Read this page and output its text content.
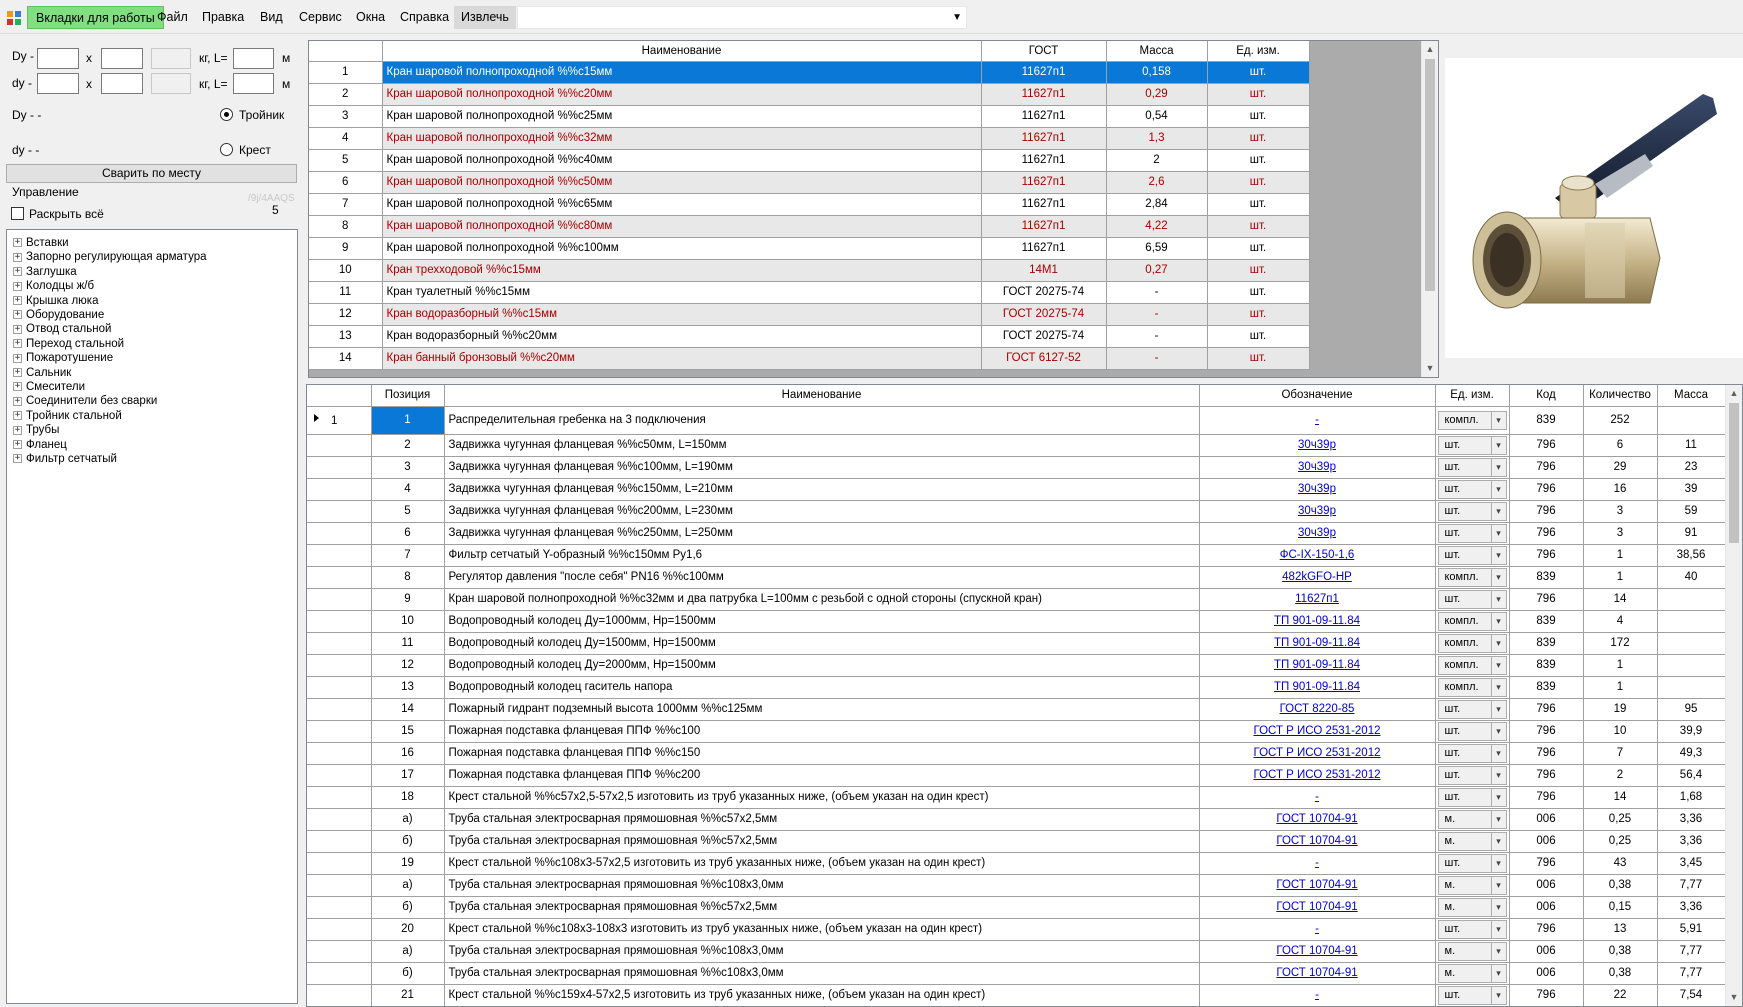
Вкладки для работы Файл	Правка	Вид	Сервис	Окна	Справка Извлечь	▼
Dy -	x	кг, L=	м
dy -	x	кг, L=	м
Dy - -	Тройник
dy - -	Крест
Сварить по месту
Управление	/9j/4AAQS
Раскрыть всё	5
+ Вставки
+ Запорно регулирующая арматура
+ Заглушка
+ Колодцы ж/б
+ Крышка люка
+ Оборудование
+ Отвод стальной
+ Переход стальной
+ Пожаротушение
+ Сальник
+ Смесители
+ Соединители без сварки
+ Тройник стальной
+ Трубы
+ Фланец
+ Фильтр сетчатый
	Наименование	ГОСТ	Масса	Ед. изм.
1	Кран шаровой полнопроходной %%с15мм	11627п1	0,158	шт.
2	Кран шаровой полнопроходной %%с20мм	11627п1	0,29	шт.
3	Кран шаровой полнопроходной %%с25мм	11627п1	0,54	шт.
4	Кран шаровой полнопроходной %%с32мм	11627п1	1,3	шт.
5	Кран шаровой полнопроходной %%с40мм	11627п1	2	шт.
6	Кран шаровой полнопроходной %%с50мм	11627п1	2,6	шт.
7	Кран шаровой полнопроходной %%с65мм	11627п1	2,84	шт.
8	Кран шаровой полнопроходной %%с80мм	11627п1	4,22	шт.
9	Кран шаровой полнопроходной %%с100мм	11627п1	6,59	шт.
10	Кран трехходовой %%с15мм	14М1	0,27	шт.
11	Кран туалетный %%с15мм	ГОСТ 20275-74	-	шт.
12	Кран водоразборный %%с15мм	ГОСТ 20275-74	-	шт.
13	Кран водоразборный %%с20мм	ГОСТ 20275-74	-	шт.
14	Кран банный бронзовый %%с20мм	ГОСТ 6127-52	-	шт.
▲
▼
	Позиция	Наименование	Обозначение	Ед. изм.	Код	Количество	Масса

1	1	Распределительная гребенка на 3 подключения	-	компл. ▾	839	252	
	2	Задвижка чугунная фланцевая %%с50мм, L=150мм	30ч39р	шт. ▾	796	6	11
	3	Задвижка чугунная фланцевая %%с100мм, L=190мм	30ч39р	шт. ▾	796	29	23
	4	Задвижка чугунная фланцевая %%с150мм, L=210мм	30ч39р	шт. ▾	796	16	39
	5	Задвижка чугунная фланцевая %%с200мм, L=230мм	30ч39р	шт. ▾	796	3	59
	6	Задвижка чугунная фланцевая %%с250мм, L=250мм	30ч39р	шт. ▾	796	3	91
	7	Фильтр сетчатый Y-образный %%с150мм Ру1,6	ФС-IX-150-1,6	шт. ▾	796	1	38,56
	8	Регулятор давления "после себя" PN16 %%с100мм	482kGFO-HP	компл. ▾	839	1	40
	9	Кран шаровой полнопроходной %%с32мм и два патрубка L=100мм с резьбой с одной стороны (спускной кран)	11627п1	шт. ▾	796	14	
	10	Водопроводный колодец Ду=1000мм, Нр=1500мм	ТП 901-09-11.84	компл. ▾	839	4	
	11	Водопроводный колодец Ду=1500мм, Нр=1500мм	ТП 901-09-11.84	компл. ▾	839	172	
	12	Водопроводный колодец Ду=2000мм, Нр=1500мм	ТП 901-09-11.84	компл. ▾	839	1	
	13	Водопроводный колодец гаситель напора	ТП 901-09-11.84	компл. ▾	839	1	
	14	Пожарный гидрант подземный высота 1000мм %%с125мм	ГОСТ 8220-85	шт. ▾	796	19	95
	15	Пожарная подставка фланцевая ППФ %%с100	ГОСТ Р ИСО 2531-2012	шт. ▾	796	10	39,9
	16	Пожарная подставка фланцевая ППФ %%с150	ГОСТ Р ИСО 2531-2012	шт. ▾	796	7	49,3
	17	Пожарная подставка фланцевая ППФ %%с200	ГОСТ Р ИСО 2531-2012	шт. ▾	796	2	56,4
	18	Крест стальной %%с57х2,5-57х2,5 изготовить из труб указанных ниже, (объем указан на один крест)	-	шт. ▾	796	14	1,68
	а)	Труба стальная электросварная прямошовная %%с57х2,5мм	ГОСТ 10704-91	м. ▾	006	0,25	3,36
	б)	Труба стальная электросварная прямошовная %%с57х2,5мм	ГОСТ 10704-91	м. ▾	006	0,25	3,36
	19	Крест стальной %%с108х3-57х2,5 изготовить из труб указанных ниже, (объем указан на один крест)	-	шт. ▾	796	43	3,45
	а)	Труба стальная электросварная прямошовная %%с108х3,0мм	ГОСТ 10704-91	м. ▾	006	0,38	7,77
	б)	Труба стальная электросварная прямошовная %%с57х2,5мм	ГОСТ 10704-91	м. ▾	006	0,15	3,36
	20	Крест стальной %%с108х3-108х3 изготовить из труб указанных ниже, (объем указан на один крест)	-	шт. ▾	796	13	5,91
	а)	Труба стальная электросварная прямошовная %%с108х3,0мм	ГОСТ 10704-91	м. ▾	006	0,38	7,77
	б)	Труба стальная электросварная прямошовная %%с108х3,0мм	ГОСТ 10704-91	м. ▾	006	0,38	7,77
	21	Крест стальной %%с159х4-57х2,5 изготовить из труб указанных ниже, (объем указан на один крест)	-	шт. ▾	796	22	7,54
▲
▼
